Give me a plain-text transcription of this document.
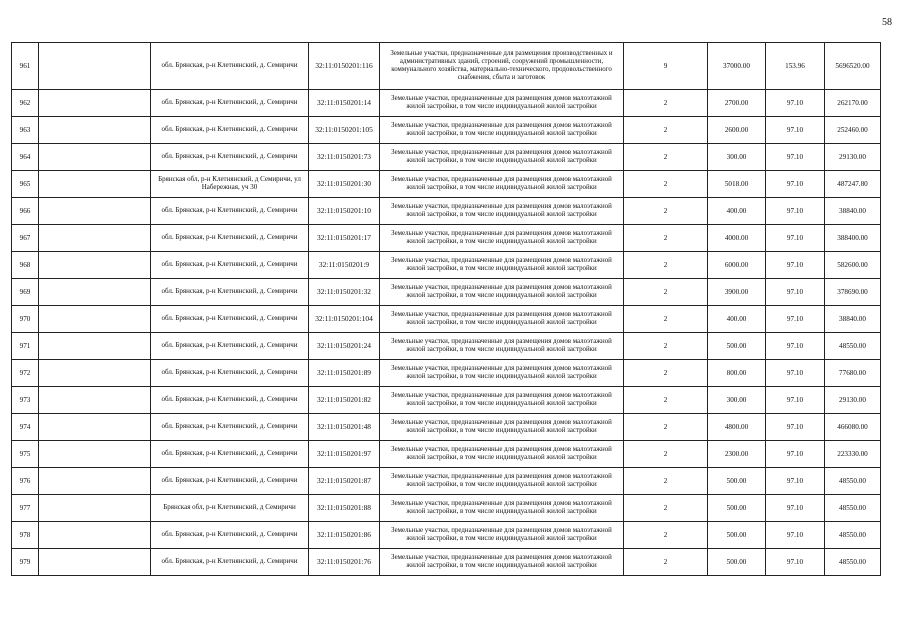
58
961		обл. Брянская, р-н Клетнянский, д. Семиричи	32:11:0150201:116	Земельные участки, предназначенные для размещения производственных и административных зданий, строений, сооружений промышленности, коммунального хозяйства, материально-технического, продовольственного снабжения, сбыта и заготовок	9	37000.00	153.96	5696520.00
962		обл. Брянская, р-н Клетнянский, д. Семиричи	32:11:0150201:14	Земельные участки, предназначенные для размещения домов малоэтажной жилой застройки, в том числе индивидуальной жилой застройки	2	2700.00	97.10	262170.00
963		обл. Брянская, р-н Клетнянский, д. Семиричи	32:11:0150201:105	Земельные участки, предназначенные для размещения домов малоэтажной жилой застройки, в том числе индивидуальной жилой застройки	2	2600.00	97.10	252460.00
964		обл. Брянская, р-н Клетнянский, д. Семиричи	32:11:0150201:73	Земельные участки, предназначенные для размещения домов малоэтажной жилой застройки, в том числе индивидуальной жилой застройки	2	300.00	97.10	29130.00
965		Брянская обл, р-н Клетнянский, д Семиричи, ул Набережная, уч 30	32:11:0150201:30	Земельные участки, предназначенные для размещения домов малоэтажной жилой застройки, в том числе индивидуальной жилой застройки	2	5018.00	97.10	487247.80
966		обл. Брянская, р-н Клетнянский, д. Семиричи	32:11:0150201:10	Земельные участки, предназначенные для размещения домов малоэтажной жилой застройки, в том числе индивидуальной жилой застройки	2	400.00	97.10	38840.00
967		обл. Брянская, р-н Клетнянский, д. Семиричи	32:11:0150201:17	Земельные участки, предназначенные для размещения домов малоэтажной жилой застройки, в том числе индивидуальной жилой застройки	2	4000.00	97.10	388400.00
968		обл. Брянская, р-н Клетнянский, д. Семиричи	32:11:0150201:9	Земельные участки, предназначенные для размещения домов малоэтажной жилой застройки, в том числе индивидуальной жилой застройки	2	6000.00	97.10	582600.00
969		обл. Брянская, р-н Клетнянский, д. Семиричи	32:11:0150201:32	Земельные участки, предназначенные для размещения домов малоэтажной жилой застройки, в том числе индивидуальной жилой застройки	2	3900.00	97.10	378690.00
970		обл. Брянская, р-н Клетнянский, д. Семиричи	32:11:0150201:104	Земельные участки, предназначенные для размещения домов малоэтажной жилой застройки, в том числе индивидуальной жилой застройки	2	400.00	97.10	38840.00
971		обл. Брянская, р-н Клетнянский, д. Семиричи	32:11:0150201:24	Земельные участки, предназначенные для размещения домов малоэтажной жилой застройки, в том числе индивидуальной жилой застройки	2	500.00	97.10	48550.00
972		обл. Брянская, р-н Клетнянский, д. Семиричи	32:11:0150201:89	Земельные участки, предназначенные для размещения домов малоэтажной жилой застройки, в том числе индивидуальной жилой застройки	2	800.00	97.10	77680.00
973		обл. Брянская, р-н Клетнянский, д. Семиричи	32:11:0150201:82	Земельные участки, предназначенные для размещения домов малоэтажной жилой застройки, в том числе индивидуальной жилой застройки	2	300.00	97.10	29130.00
974		обл. Брянская, р-н Клетнянский, д. Семиричи	32:11:0150201:48	Земельные участки, предназначенные для размещения домов малоэтажной жилой застройки, в том числе индивидуальной жилой застройки	2	4800.00	97.10	466080.00
975		обл. Брянская, р-н Клетнянский, д. Семиричи	32:11:0150201:97	Земельные участки, предназначенные для размещения домов малоэтажной жилой застройки, в том числе индивидуальной жилой застройки	2	2300.00	97.10	223330.00
976		обл. Брянская, р-н Клетнянский, д. Семиричи	32:11:0150201:87	Земельные участки, предназначенные для размещения домов малоэтажной жилой застройки, в том числе индивидуальной жилой застройки	2	500.00	97.10	48550.00
977		Брянская обл, р-н Клетнянский, д Семиричи	32:11:0150201:88	Земельные участки, предназначенные для размещения домов малоэтажной жилой застройки, в том числе индивидуальной жилой застройки	2	500.00	97.10	48550.00
978		обл. Брянская, р-н Клетнянский, д. Семиричи	32:11:0150201:86	Земельные участки, предназначенные для размещения домов малоэтажной жилой застройки, в том числе индивидуальной жилой застройки	2	500.00	97.10	48550.00
979		обл. Брянская, р-н Клетнянский, д. Семиричи	32:11:0150201:76	Земельные участки, предназначенные для размещения домов малоэтажной жилой застройки, в том числе индивидуальной жилой застройки	2	500.00	97.10	48550.00
